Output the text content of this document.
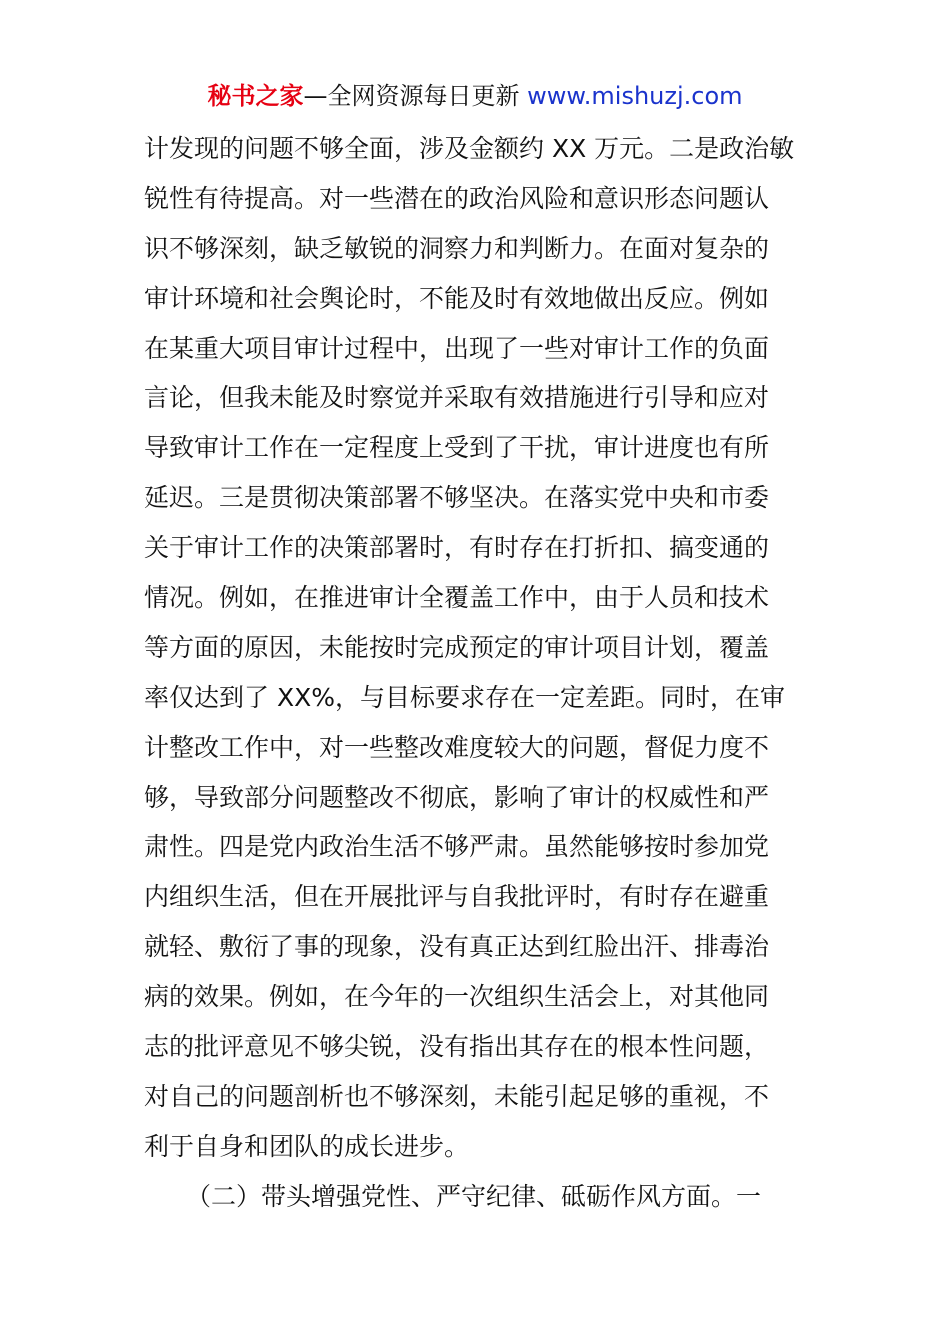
秘书之家—全网资源每日更新 www.mishuzj.com
计发现的问题不够全面，涉及金额约 XX 万元。二是政治敏
锐性有待提高。对一些潜在的政治风险和意识形态问题认
识不够深刻，缺乏敏锐的洞察力和判断力。在面对复杂的
审计环境和社会舆论时，不能及时有效地做出反应。例如
在某重大项目审计过程中，出现了一些对审计工作的负面
言论，但我未能及时察觉并采取有效措施进行引导和应对
导致审计工作在一定程度上受到了干扰，审计进度也有所
延迟。三是贯彻决策部署不够坚决。在落实党中央和市委
关于审计工作的决策部署时，有时存在打折扣、搞变通的
情况。例如，在推进审计全覆盖工作中，由于人员和技术
等方面的原因，未能按时完成预定的审计项目计划，覆盖
率仅达到了 XX%，与目标要求存在一定差距。同时，在审
计整改工作中，对一些整改难度较大的问题，督促力度不
够，导致部分问题整改不彻底，影响了审计的权威性和严
肃性。四是党内政治生活不够严肃。虽然能够按时参加党
内组织生活，但在开展批评与自我批评时，有时存在避重
就轻、敷衍了事的现象，没有真正达到红脸出汗、排毒治
病的效果。例如，在今年的一次组织生活会上，对其他同
志的批评意见不够尖锐，没有指出其存在的根本性问题，
对自己的问题剖析也不够深刻，未能引起足够的重视，不
利于自身和团队的成长进步。
（二）带头增强党性、严守纪律、砥砺作风方面。一
